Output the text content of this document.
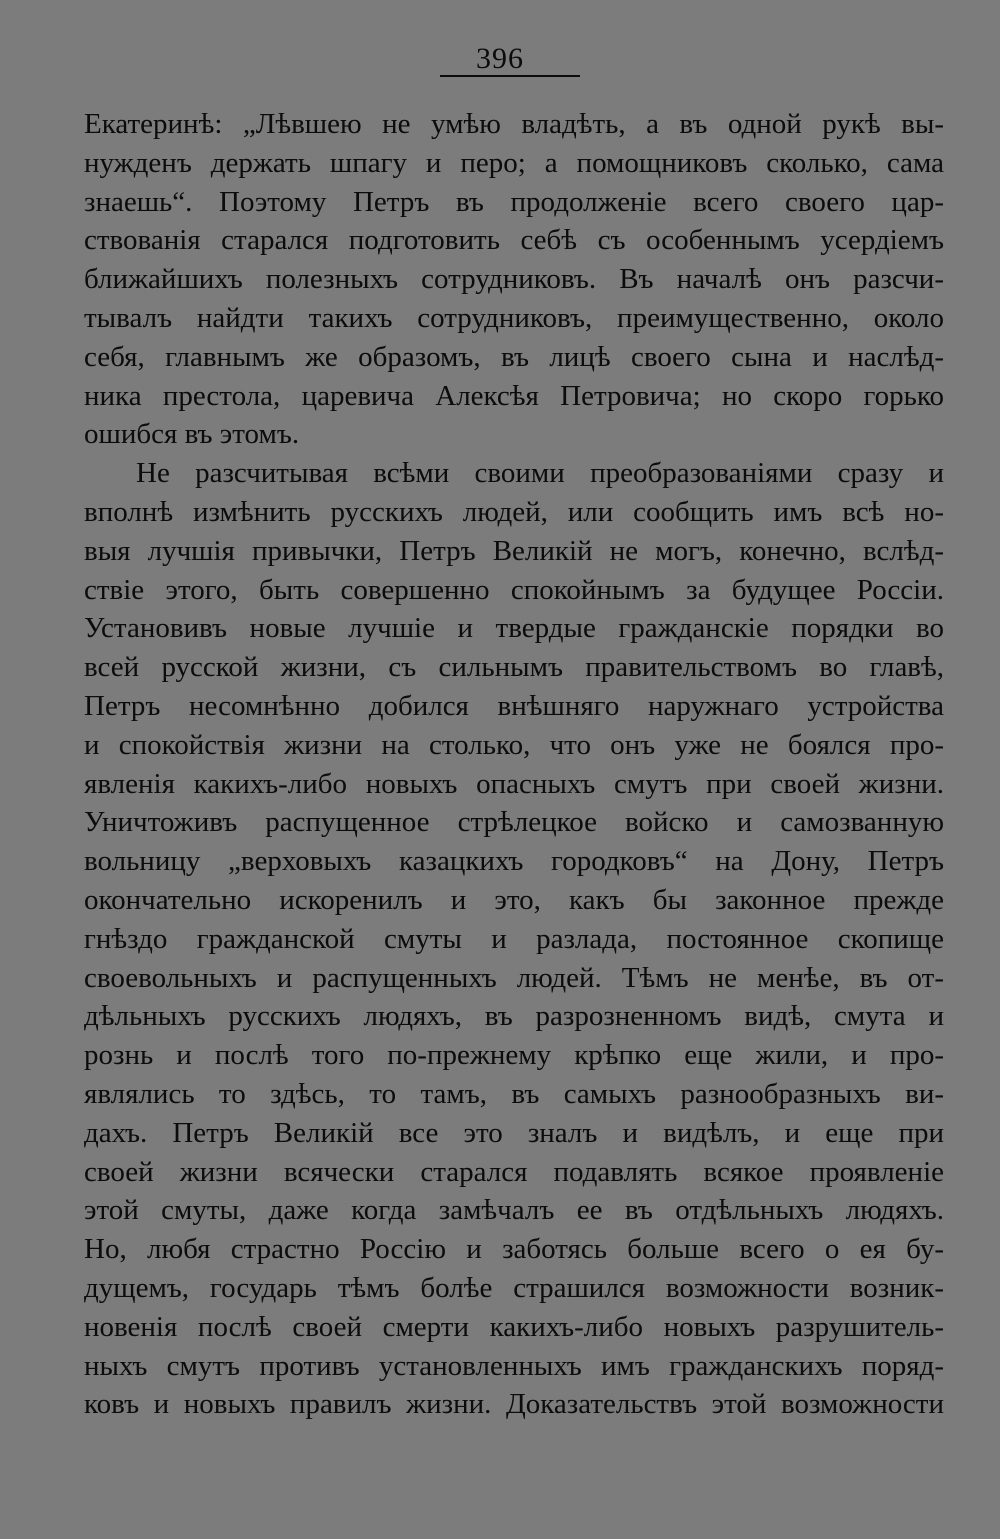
396
Екатеринѣ: „Лѣвшею не умѣю владѣть, а въ одной рукѣ вы-
нужденъ держать шпагу и перо; а помощниковъ сколько, сама
знаешь“. Поэтому Петръ въ продолженіе всего своего цар-
ствованія старался подготовить себѣ съ особеннымъ усердіемъ
ближайшихъ полезныхъ сотрудниковъ. Въ началѣ онъ разсчи-
тывалъ найдти такихъ сотрудниковъ, преимущественно, около
себя, главнымъ же образомъ, въ лицѣ своего сына и наслѣд-
ника престола, царевича Алексѣя Петровича; но скоро горько
ошибся въ этомъ.
Не разсчитывая всѣми своими преобразованіями сразу и
вполнѣ измѣнить русскихъ людей, или сообщить имъ всѣ но-
выя лучшія привычки, Петръ Великій не могъ, конечно, вслѣд-
ствіе этого, быть совершенно спокойнымъ за будущее Россіи.
Установивъ новые лучшіе и твердые гражданскіе порядки во
всей русской жизни, съ сильнымъ правительствомъ во главѣ,
Петръ несомнѣнно добился внѣшняго наружнаго устройства
и спокойствія жизни на столько, что онъ уже не боялся про-
явленія какихъ-либо новыхъ опасныхъ смутъ при своей жизни.
Уничтоживъ распущенное стрѣлецкое войско и самозванную
вольницу „верховыхъ казацкихъ городковъ“ на Дону, Петръ
окончательно искоренилъ и это, какъ бы законное прежде
гнѣздо гражданской смуты и разлада, постоянное скопище
своевольныхъ и распущенныхъ людей. Тѣмъ не менѣе, въ от-
дѣльныхъ русскихъ людяхъ, въ разрозненномъ видѣ, смута и
рознь и послѣ того по-прежнему крѣпко еще жили, и про-
являлись то здѣсь, то тамъ, въ самыхъ разнообразныхъ ви-
дахъ. Петръ Великій все это зналъ и видѣлъ, и еще при
своей жизни всячески старался подавлять всякое проявленіе
этой смуты, даже когда замѣчалъ ее въ отдѣльныхъ людяхъ.
Но, любя страстно Россію и заботясь больше всего о ея бу-
дущемъ, государь тѣмъ болѣе страшился возможности возник-
новенія послѣ своей смерти какихъ-либо новыхъ разрушитель-
ныхъ смутъ противъ установленныхъ имъ гражданскихъ поряд-
ковъ и новыхъ правилъ жизни. Доказательствъ этой возможности
